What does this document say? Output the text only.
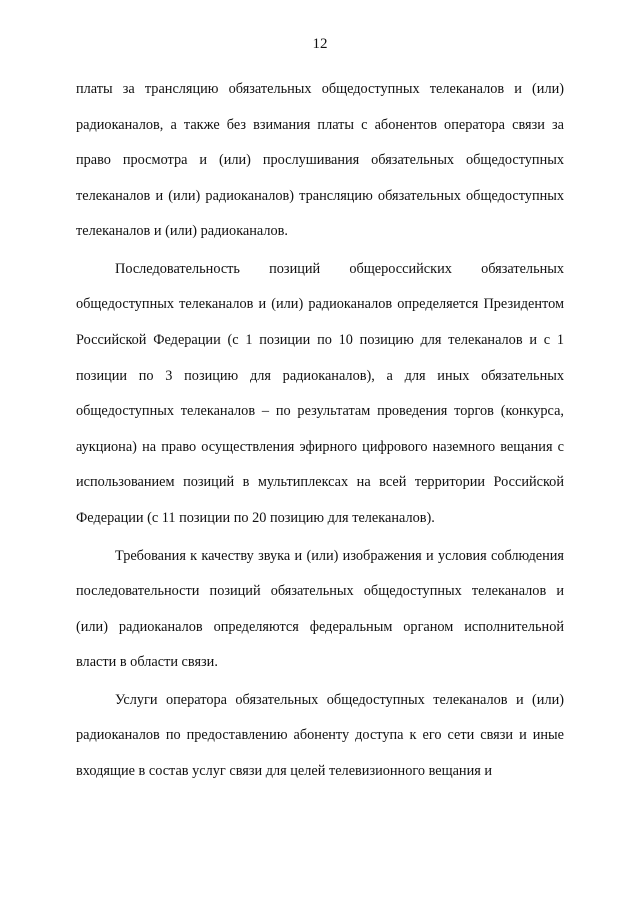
12

платы за трансляцию обязательных общедоступных телеканалов и (или) радиоканалов, а также без взимания платы с абонентов оператора связи за право просмотра и (или) прослушивания обязательных общедоступных телеканалов и (или) радиоканалов) трансляцию обязательных общедоступных телеканалов и (или) радиоканалов.

Последовательность позиций общероссийских обязательных общедоступных телеканалов и (или) радиоканалов определяется Президентом Российской Федерации (с 1 позиции по 10 позицию для телеканалов и с 1 позиции по 3 позицию для радиоканалов), а для иных обязательных общедоступных телеканалов – по результатам проведения торгов (конкурса, аукциона) на право осуществления эфирного цифрового наземного вещания с использованием позиций в мультиплексах на всей территории Российской Федерации (с 11 позиции по 20 позицию для телеканалов).

Требования к качеству звука и (или) изображения и условия соблюдения последовательности позиций обязательных общедоступных телеканалов и (или) радиоканалов определяются федеральным органом исполнительной власти в области связи.

Услуги оператора обязательных общедоступных телеканалов и (или) радиоканалов по предоставлению абоненту доступа к его сети связи и иные входящие в состав услуг связи для целей телевизионного вещания и
